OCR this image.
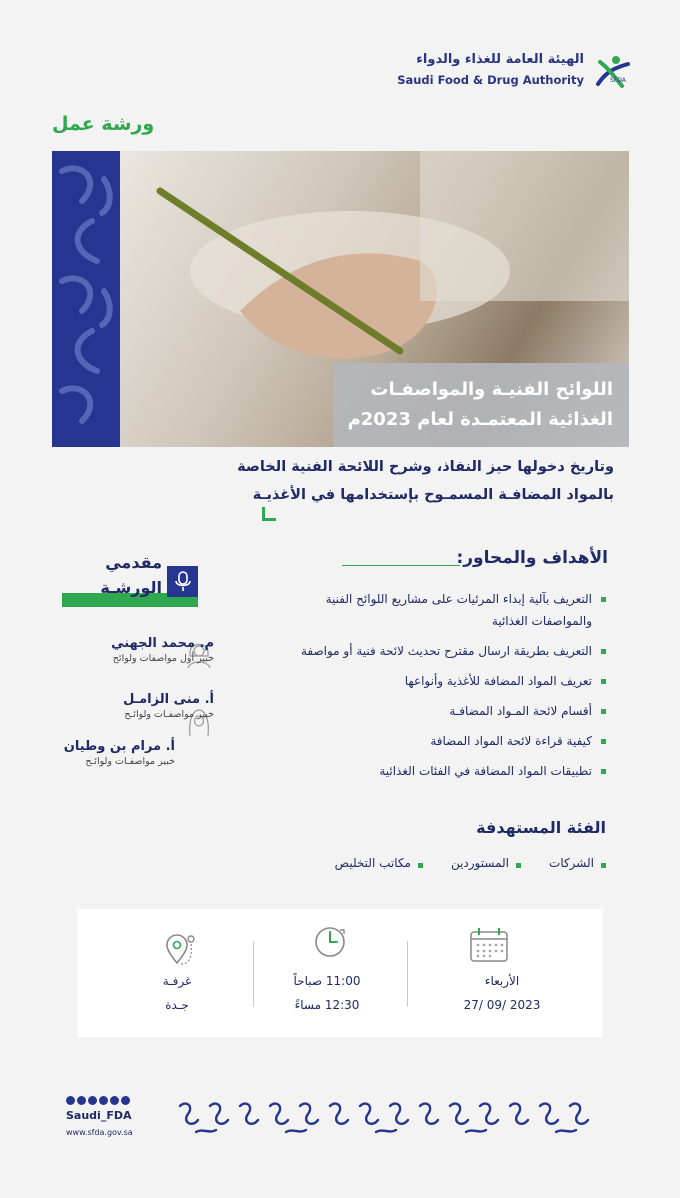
الهيئة العامة للغذاء والدواء
Saudi Food & Drug Authority	SFDA
ورشة عمل
اللوائح الفنيـة والمواصفـات
الغذائية المعتمـدة لعام 2023م
وتاريخ دخولها حيز النفاذ، وشرح اللائحة الفنية الخاصة
بالمواد المضافـة المسمـوح بإستخدامها في الأغذيـة
الأهداف والمحاور:
التعريف بآلية إبداء المرئيات على مشاريع اللوائح الفنية والمواصفات الغذائية
التعريف بطريقة ارسال مقترح تحديث لائحة فنية أو مواصفة
تعريف المواد المضافة للأغذية وأنواعها
أقسام لائحة المـواد المضافـة
كيفية قراءة لائحة المواد المضافة
تطبيقات المواد المضافة في الفئات الغذائية
مقدمي
الورشـة
م. محمد الجهني
خبير أول مواصفات ولوائح
أ. منى الزامـل
خبير مواصفـات ولوائـح
أ. مرام بن وطيان
خبير مواصفـات ولوائـح
الفئة المستهدفة
الشركات
المستوردين
مكاتب التخليص
الأربعاء
27/ 09/ 2023
11:00 صباحاً
12:30 مساءً
غرفـة
جـدة
Saudi_FDA
www.sfda.gov.sa
